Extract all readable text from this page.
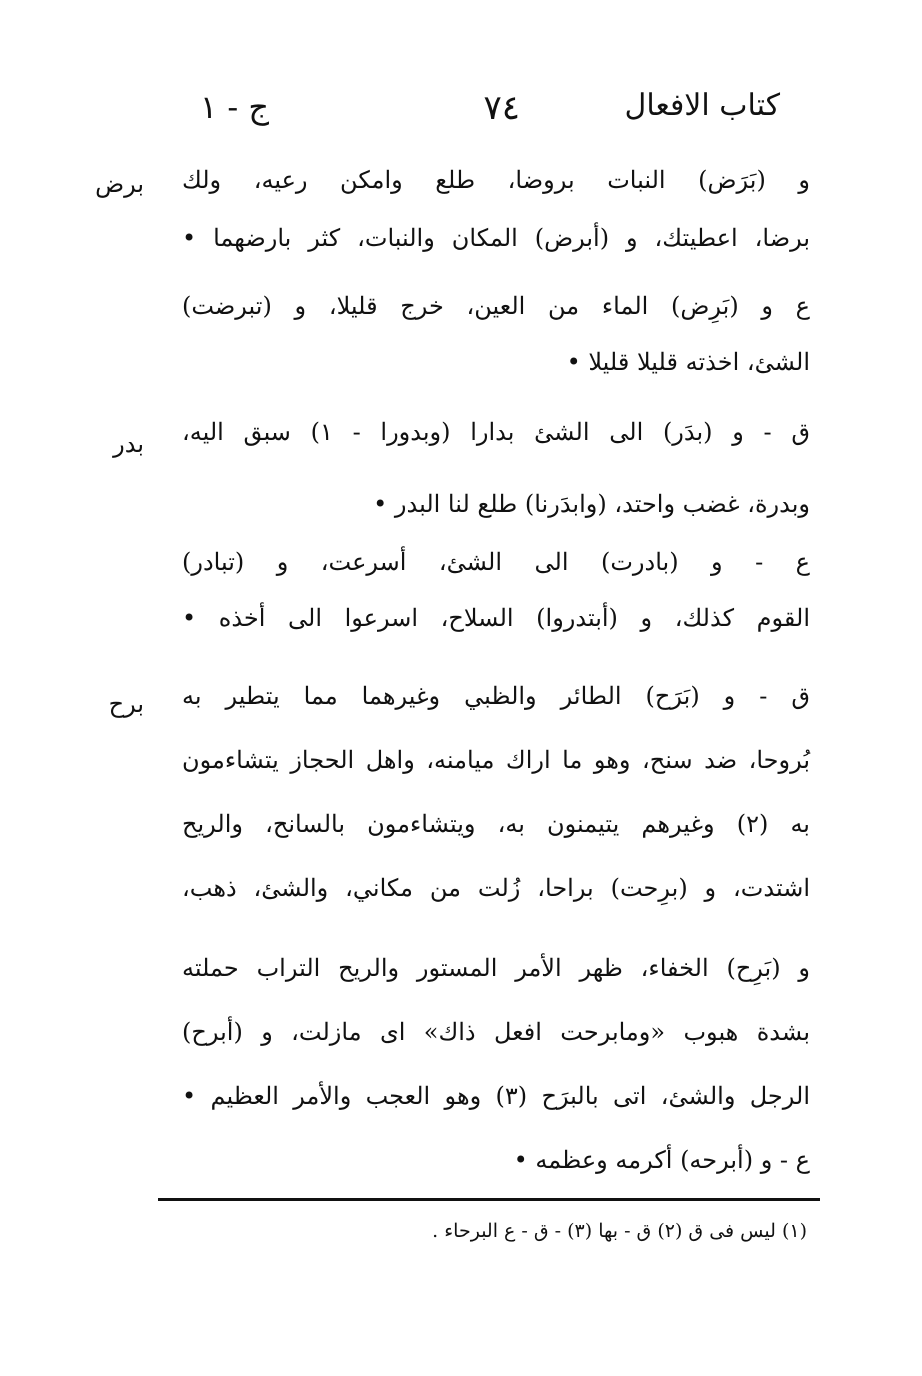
كتاب الافعال
٧٤
ج - ١
برض و (بَرَض) النبات بروضا، طلع وامكن رعيه، ولك
برضا، اعطيتك، و (أبرض) المكان والنبات، كثر بارضهما •
ع و (بَرِض) الماء من العين، خرج قليلا، و (تبرضت)
الشئ، اخذته قليلا قليلا •
بدر ق - و (بدَر) الى الشئ بدارا (وبدورا - ١) سبق اليه،
وبدرة، غضب واحتد، (وابدَرنا) طلع لنا البدر •
ع - و (بادرت) الى الشئ، أسرعت، و (تبادر)
القوم كذلك، و (أبتدروا) السلاح، اسرعوا الى أخذه •
برح ق - و (بَرَح) الطائر والظبي وغيرهما مما يتطير به
بُروحا، ضد سنح، وهو ما اراك ميامنه، واهل الحجاز يتشاءمون
به (٢) وغيرهم يتيمنون به، ويتشاءمون بالسانح، والريح
اشتدت، و (برِحت) براحا، زُلت من مكاني، والشئ، ذهب،
و (بَرِح) الخفاء، ظهر الأمر المستور والريح التراب حملته
بشدة هبوب «ومابرحت افعل ذاك» اى مازلت، و (أبرح)
الرجل والشئ، اتى بالبرَح (٣) وهو العجب والأمر العظيم •
ع - و (أبرحه) أكرمه وعظمه •
(١) ليس فى ق (٢) ق - بها (٣) - ق - ع البرحاء .
